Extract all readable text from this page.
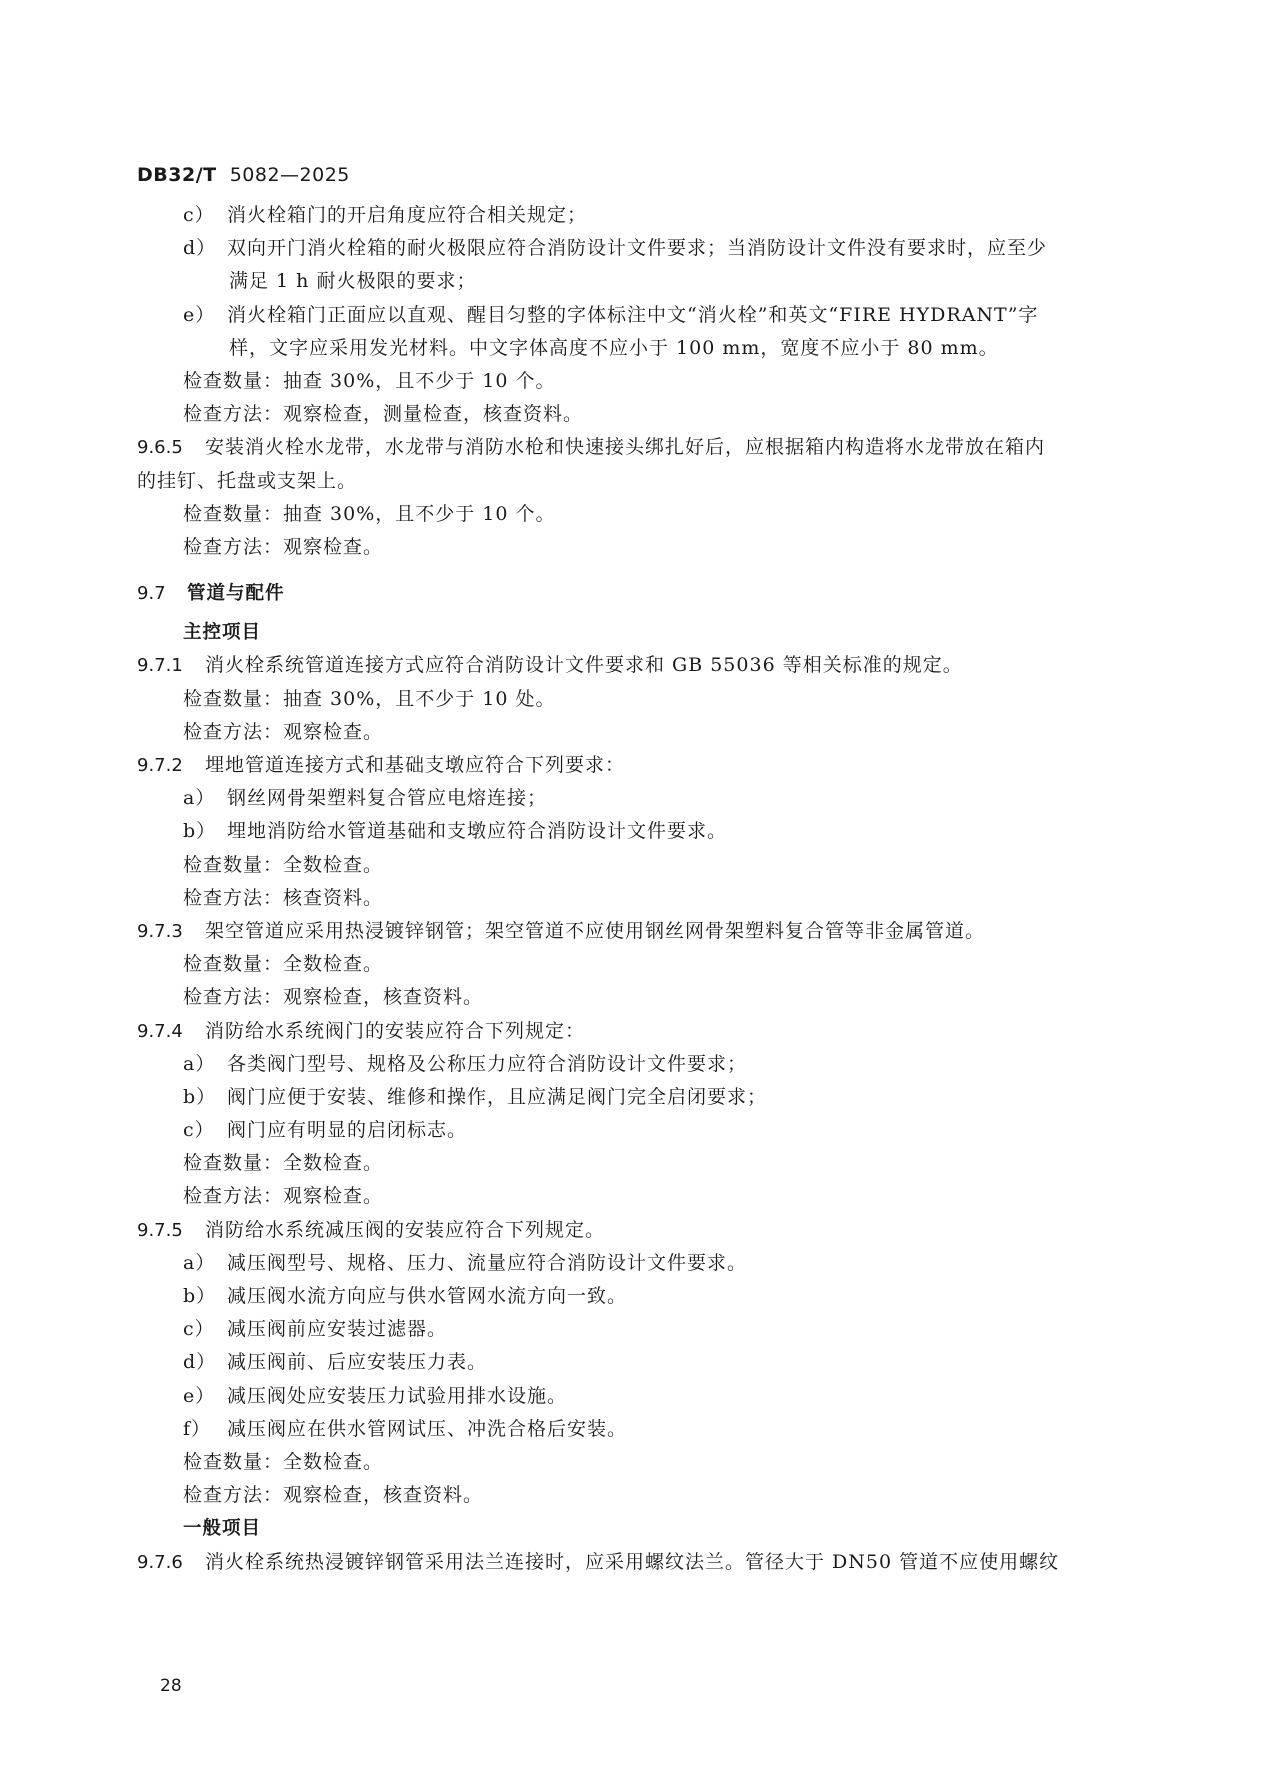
DB32/T 5082—2025
c） 消火栓箱门的开启角度应符合相关规定；
d） 双向开门消火栓箱的耐火极限应符合消防设计文件要求；当消防设计文件没有要求时，应至少
满足 1 h 耐火极限的要求；
e） 消火栓箱门正面应以直观、醒目匀整的字体标注中文“消火栓”和英文“FIRE HYDRANT”字
样，文字应采用发光材料。中文字体高度不应小于 100 mm，宽度不应小于 80 mm。
检查数量：抽查 30%，且不少于 10 个。
检查方法：观察检查，测量检查，核查资料。
9.6.5 安装消火栓水龙带，水龙带与消防水枪和快速接头绑扎好后，应根据箱内构造将水龙带放在箱内
的挂钉、托盘或支架上。
检查数量：抽查 30%，且不少于 10 个。
检查方法：观察检查。
9.7 管道与配件
主控项目
9.7.1 消火栓系统管道连接方式应符合消防设计文件要求和 GB 55036 等相关标准的规定。
检查数量：抽查 30%，且不少于 10 处。
检查方法：观察检查。
9.7.2 埋地管道连接方式和基础支墩应符合下列要求：
a） 钢丝网骨架塑料复合管应电熔连接；
b） 埋地消防给水管道基础和支墩应符合消防设计文件要求。
检查数量：全数检查。
检查方法：核查资料。
9.7.3 架空管道应采用热浸镀锌钢管；架空管道不应使用钢丝网骨架塑料复合管等非金属管道。
检查数量：全数检查。
检查方法：观察检查，核查资料。
9.7.4 消防给水系统阀门的安装应符合下列规定：
a） 各类阀门型号、规格及公称压力应符合消防设计文件要求；
b） 阀门应便于安装、维修和操作，且应满足阀门完全启闭要求；
c） 阀门应有明显的启闭标志。
检查数量：全数检查。
检查方法：观察检查。
9.7.5 消防给水系统减压阀的安装应符合下列规定。
a） 减压阀型号、规格、压力、流量应符合消防设计文件要求。
b） 减压阀水流方向应与供水管网水流方向一致。
c） 减压阀前应安装过滤器。
d） 减压阀前、后应安装压力表。
e） 减压阀处应安装压力试验用排水设施。
f） 减压阀应在供水管网试压、冲洗合格后安装。
检查数量：全数检查。
检查方法：观察检查，核查资料。
一般项目
9.7.6 消火栓系统热浸镀锌钢管采用法兰连接时，应采用螺纹法兰。管径大于 DN50 管道不应使用螺纹
28
